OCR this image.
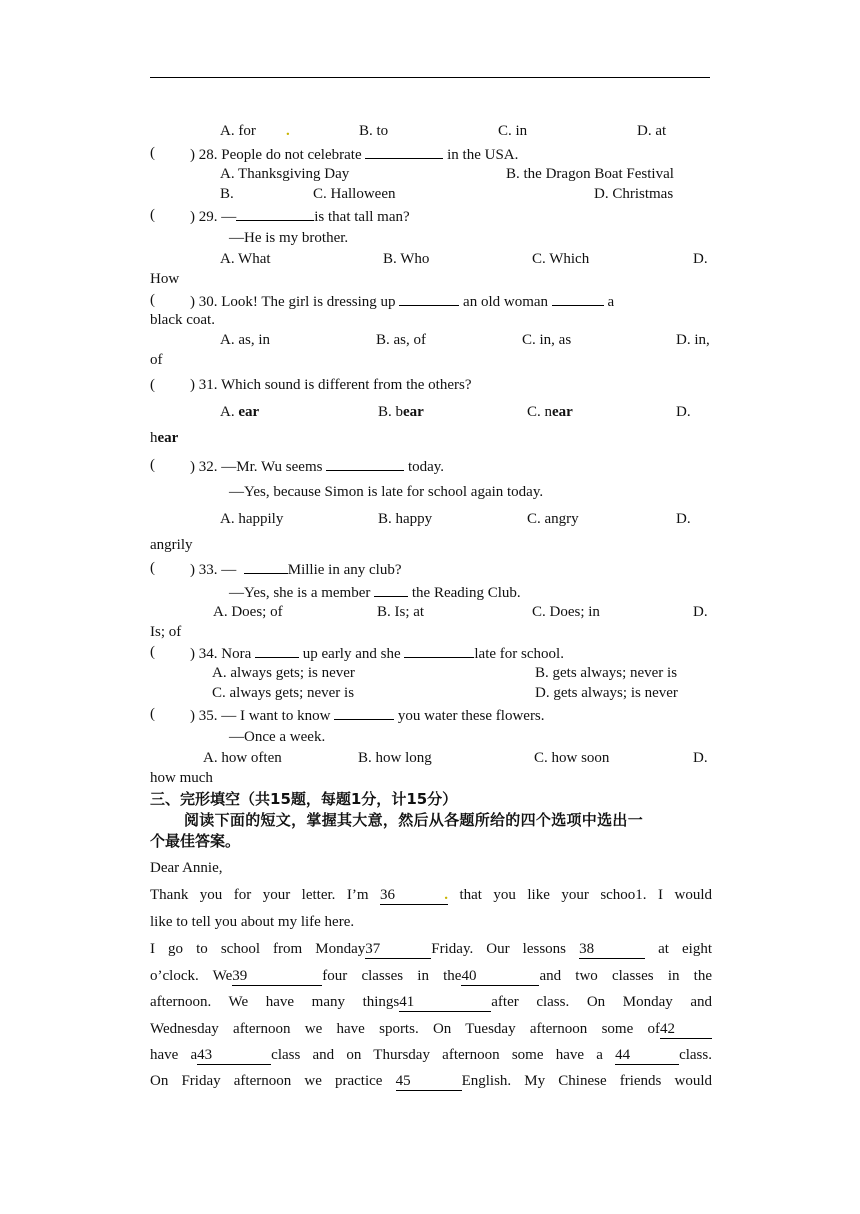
A. for .	B. to	C. in	D. at
( ) 28. People do not celebrate	in the USA.
A. Thanksgiving Day	B. the Dragon Boat Festival
B.	C. Halloween	D. Christmas
( ) 29. —	is that tall man?
—He is my brother.
A. What	B. Who	C. Which	D.
How
( ) 30. Look! The girl is dressing up	an old woman	a
black coat.
A. as, in	B. as, of	C. in, as	D. in,
of
( ) 31. Which sound is different from the others?
A. ear	B. bear	C. near	D.
hear
( ) 32. —Mr. Wu seems	today.
—Yes, because Simon is late for school again today.
A. happily	B. happy	C. angry	D.
angrily
( ) 33. —	Millie in any club?
—Yes, she is a member	the Reading Club.
A. Does; of	B. Is; at	C. Does; in	D.
Is; of
( ) 34. Nora	up early and she	late for school.
A. always gets; is never	B. gets always; never is
C. always gets; never is	D. gets always; is never
( ) 35. — I want to know	you water these flowers.
—Once a week.
A. how often	B. how long	C. how soon	D.
how much
三、完形填空（共15题，每题1分，计15分）
阅读下面的短文，掌握其大意，然后从各题所给的四个选项中选出一
个最佳答案。
Dear Annie,
Thank you for your letter. I’m 36	. that you like your schoo1. I would
like to tell you about my life here.
I go to school from Monday37	Friday. Our lessons 38	at eight
o’clock. We39	four classes in the40	and two classes in the
afternoon. We have many things41	after class. On Monday and
Wednesday afternoon we have sports. On Tuesday afternoon some of42
have a43	class and on Thursday afternoon some have a 44	class.
On Friday afternoon we practice 45	English. My Chinese friends would
